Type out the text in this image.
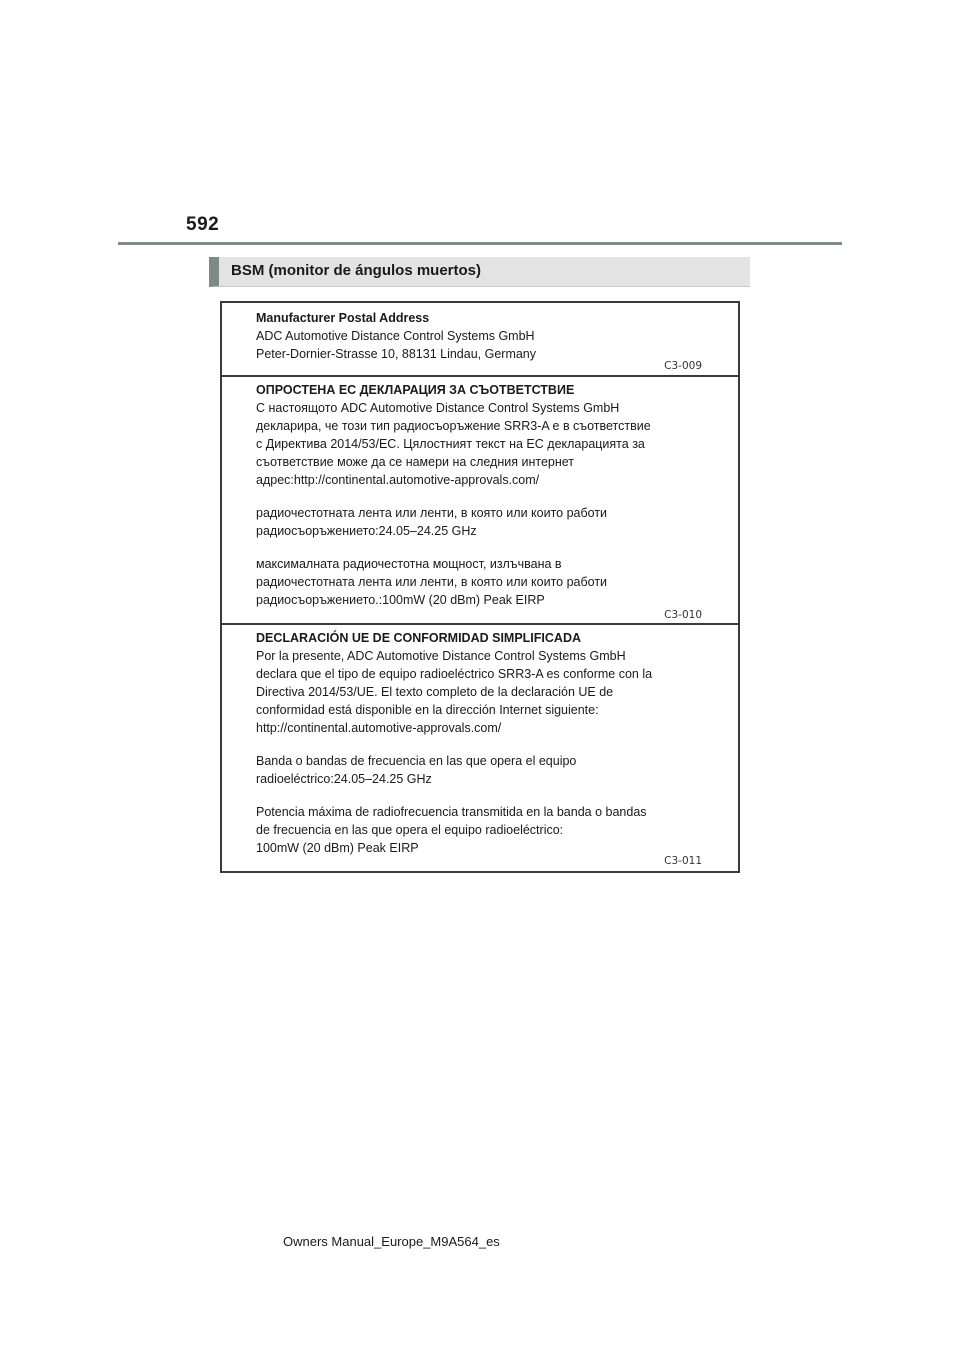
592
BSM (monitor de ángulos muertos)
Manufacturer Postal Address
ADC Automotive Distance Control Systems GmbH
Peter-Dornier-Strasse 10, 88131 Lindau, Germany
C3-009
ОПРОСТЕНА ЕС ДЕКЛАРАЦИЯ ЗА СЪОТВЕТСТВИЕ
С настоящото ADC Automotive Distance Control Systems GmbH
декларира, че този тип радиосъоръжение SRR3-A е в съответствие
с Директива 2014/53/ЕС. Цялостният текст на ЕС декларацията за
съответствие може да се намери на следния интернет
адрес:http://continental.automotive-approvals.com/
радиочестотната лента или ленти, в която или които работи
радиосъоръжението:24.05–24.25 GHz
максималната радиочестотна мощност, излъчвана в
радиочестотната лента или ленти, в която или които работи
радиосъоръжението.:100mW (20 dBm) Peak EIRP
C3-010
DECLARACIÓN UE DE CONFORMIDAD SIMPLIFICADA
Por la presente, ADC Automotive Distance Control Systems GmbH
declara que el tipo de equipo radioeléctrico SRR3-A es conforme con la
Directiva 2014/53/UE. El texto completo de la declaración UE de
conformidad está disponible en la dirección Internet siguiente:
http://continental.automotive-approvals.com/
Banda o bandas de frecuencia en las que opera el equipo
radioeléctrico:24.05–24.25 GHz
Potencia máxima de radiofrecuencia transmitida en la banda o bandas
de frecuencia en las que opera el equipo radioeléctrico:
100mW (20 dBm) Peak EIRP
C3-011
Owners Manual_Europe_M9A564_es
